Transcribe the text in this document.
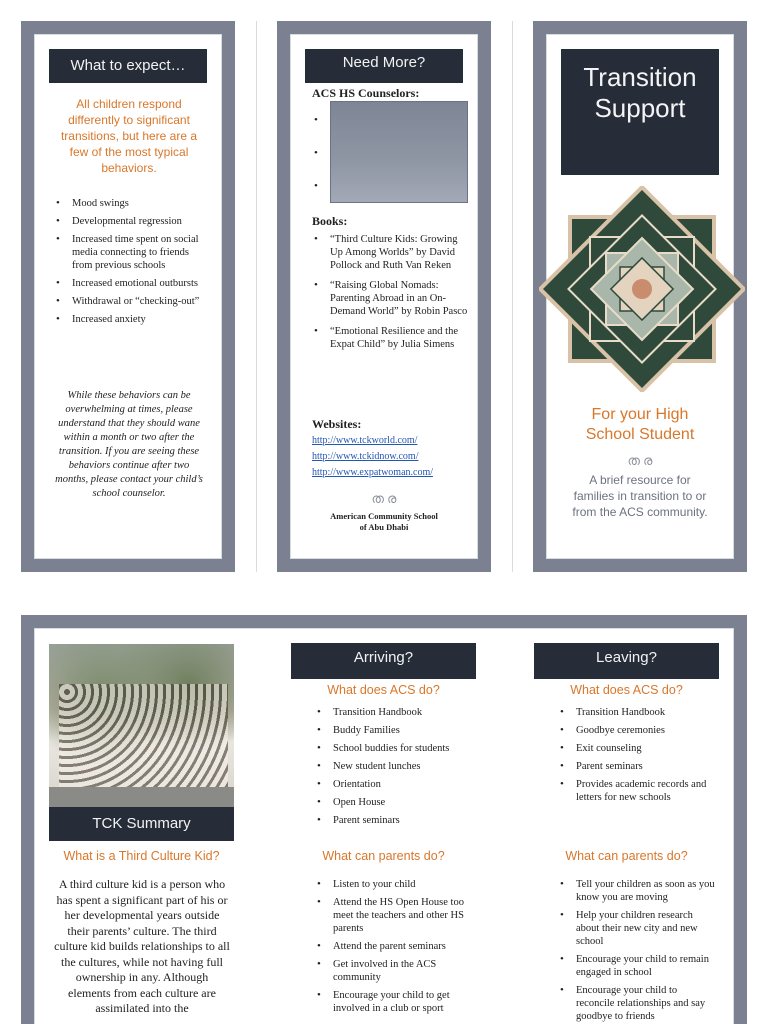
What to expect…

All children respond differently to significant transitions, but here are a few of the most typical behaviors.

• Mood swings
• Developmental regression
• Increased time spent on social media connecting to friends from previous schools
• Increased emotional outbursts
• Withdrawal or “checking-out”
• Increased anxiety

While these behaviors can be overwhelming at times, please understand that they should wane within a month or two after the transition. If you are seeing these behaviors continue after two months, please contact your child’s school counselor.

Need More?
ACS HS Counselors:
•
•
•
Books:
• “Third Culture Kids: Growing Up Among Worlds” by David Pollock and Ruth Van Reken
• “Raising Global Nomads: Parenting Abroad in an On-Demand World” by Robin Pasco
• “Emotional Resilience and the Expat Child” by Julia Simens
Websites:
http://www.tckworld.com/
http://www.tckidnow.com/
http://www.expatwoman.com/
ത ര
American Community School
of Abu Dhabi
Transition
Support
For your High School Student
ത ര

A brief resource for families in transition to or from the ACS community.

TCK Summary
What is a Third Culture Kid?

A third culture kid is a person who has spent a significant part of his or her developmental years outside their parents’ culture. The third culture kid builds relationships to all the cultures, while not having full ownership in any. Although elements from each culture are assimilated into the

Arriving?
What does ACS do?
• Transition Handbook
• Buddy Families
• School buddies for students
• New student lunches
• Orientation
• Open House
• Parent seminars
What can parents do?
• Listen to your child
• Attend the HS Open House too meet the teachers and other HS parents
• Attend the parent seminars
• Get involved in the ACS community
• Encourage your child to get involved in a club or sport
Leaving?
What does ACS do?
• Transition Handbook
• Goodbye ceremonies
• Exit counseling
• Parent seminars
• Provides academic records and letters for new schools
What can parents do?
• Tell your children as soon as you know you are moving
• Help your children research about their new city and new school
• Encourage your child to remain engaged in school
• Encourage your child to reconcile relationships and say goodbye to friends
